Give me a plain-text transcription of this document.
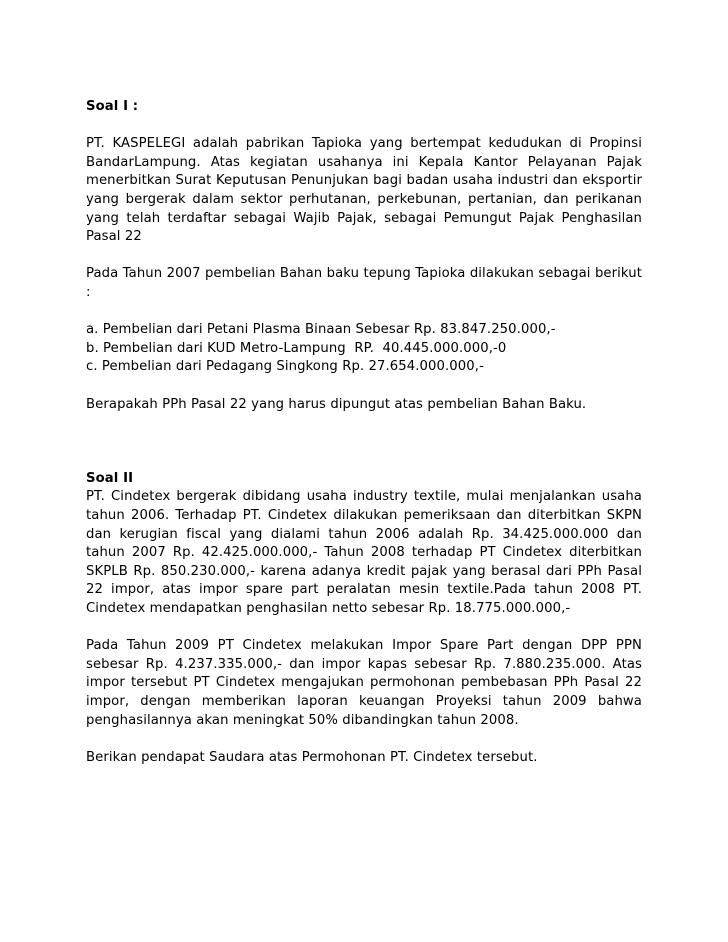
Soal I :

PT. KASPELEGI adalah pabrikan Tapioka yang bertempat kedudukan di Propinsi BandarLampung. Atas kegiatan usahanya ini Kepala Kantor Pelayanan Pajak menerbitkan Surat Keputusan Penunjukan bagi badan usaha industri dan eksportir yang bergerak dalam sektor perhutanan, perkebunan, pertanian, dan perikanan yang telah terdaftar sebagai Wajib Pajak, sebagai Pemungut Pajak Penghasilan Pasal 22

Pada Tahun 2007 pembelian Bahan baku tepung Tapioka dilakukan sebagai berikut :

a. Pembelian dari Petani Plasma Binaan Sebesar Rp. 83.847.250.000,-

b. Pembelian dari KUD Metro-Lampung  RP.  40.445.000.000,-0

c. Pembelian dari Pedagang Singkong Rp. 27.654.000.000,-

Berapakah PPh Pasal 22 yang harus dipungut atas pembelian Bahan Baku.

Soal II

PT. Cindetex bergerak dibidang usaha industry textile, mulai menjalankan usaha tahun 2006. Terhadap PT. Cindetex dilakukan pemeriksaan dan diterbitkan SKPN dan kerugian fiscal yang dialami tahun 2006 adalah Rp. 34.425.000.000 dan tahun 2007 Rp. 42.425.000.000,- Tahun 2008 terhadap PT Cindetex diterbitkan SKPLB Rp. 850.230.000,- karena adanya kredit pajak yang berasal dari PPh Pasal 22 impor, atas impor spare part peralatan mesin textile.Pada tahun 2008 PT. Cindetex mendapatkan penghasilan netto sebesar Rp. 18.775.000.000,-

Pada Tahun 2009 PT Cindetex melakukan Impor Spare Part dengan DPP PPN sebesar Rp. 4.237.335.000,- dan impor kapas sebesar Rp. 7.880.235.000. Atas impor tersebut PT Cindetex mengajukan permohonan pembebasan PPh Pasal 22 impor, dengan memberikan laporan keuangan Proyeksi tahun 2009 bahwa penghasilannya akan meningkat 50% dibandingkan tahun 2008.

Berikan pendapat Saudara atas Permohonan PT. Cindetex tersebut.
